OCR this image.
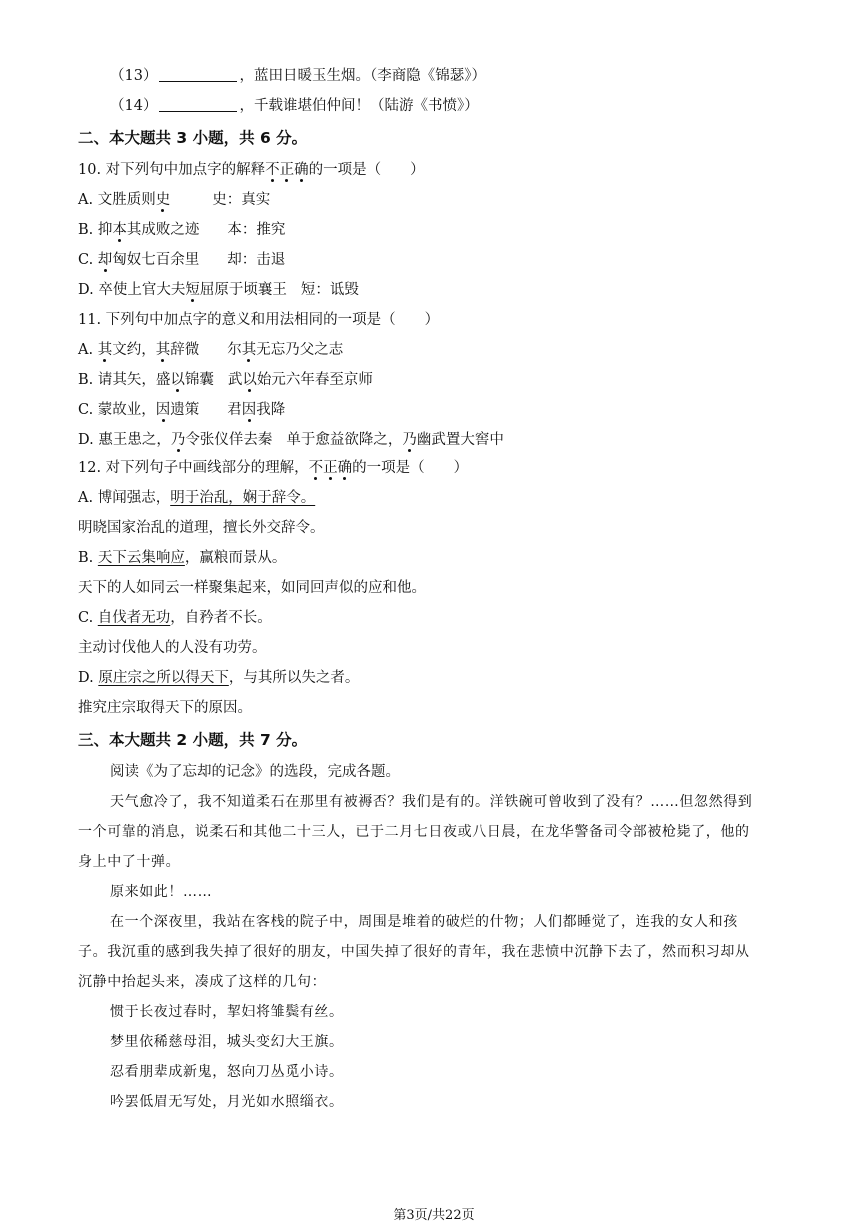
（13）	，蓝田日暖玉生烟。（李商隐《锦瑟》）
（14）	，千载谁堪伯仲间！（陆游《书愤》）
二、本大题共 3 小题，共 6 分。
10. 对下列句中加点字的解释不正确的一项是（　　）
A. 文胜质则史	史：真实
B. 抑本其成败之迹 本：推究
C. 却匈奴七百余里 却：击退
D. 卒使上官大夫短屈原于顷襄王 短：诋毁
11. 下列句中加点字的意义和用法相同的一项是（　　）
A. 其文约，其辞微 尔其无忘乃父之志
B. 请其矢，盛以锦囊 武以始元六年春至京师
C. 蒙故业，因遗策 君因我降
D. 惠王患之，乃令张仪佯去秦 单于愈益欲降之，乃幽武置大窖中
12. 对下列句子中画线部分的理解，不正确的一项是（　　）
A. 博闻强志，明于治乱，娴于辞令。
明晓国家治乱的道理，擅长外交辞令。
B. 天下云集响应，赢粮而景从。
天下的人如同云一样聚集起来，如同回声似的应和他。
C. 自伐者无功，自矜者不长。
主动讨伐他人的人没有功劳。
D. 原庄宗之所以得天下，与其所以失之者。
推究庄宗取得天下的原因。
三、本大题共 2 小题，共 7 分。
阅读《为了忘却的记念》的选段，完成各题。
天气愈冷了，我不知道柔石在那里有被褥否？我们是有的。洋铁碗可曾收到了没有？……但忽然得到
一个可靠的消息，说柔石和其他二十三人，已于二月七日夜或八日晨，在龙华警备司令部被枪毙了，他的
身上中了十弹。
原来如此！……
在一个深夜里，我站在客栈的院子中，周围是堆着的破烂的什物；人们都睡觉了，连我的女人和孩
子。我沉重的感到我失掉了很好的朋友，中国失掉了很好的青年，我在悲愤中沉静下去了，然而积习却从
沉静中抬起头来，凑成了这样的几句：
惯于长夜过春时，挈妇将雏鬓有丝。
梦里依稀慈母泪，城头变幻大王旗。
忍看朋辈成新鬼，怒向刀丛觅小诗。
吟罢低眉无写处，月光如水照缁衣。
第3页/共22页
